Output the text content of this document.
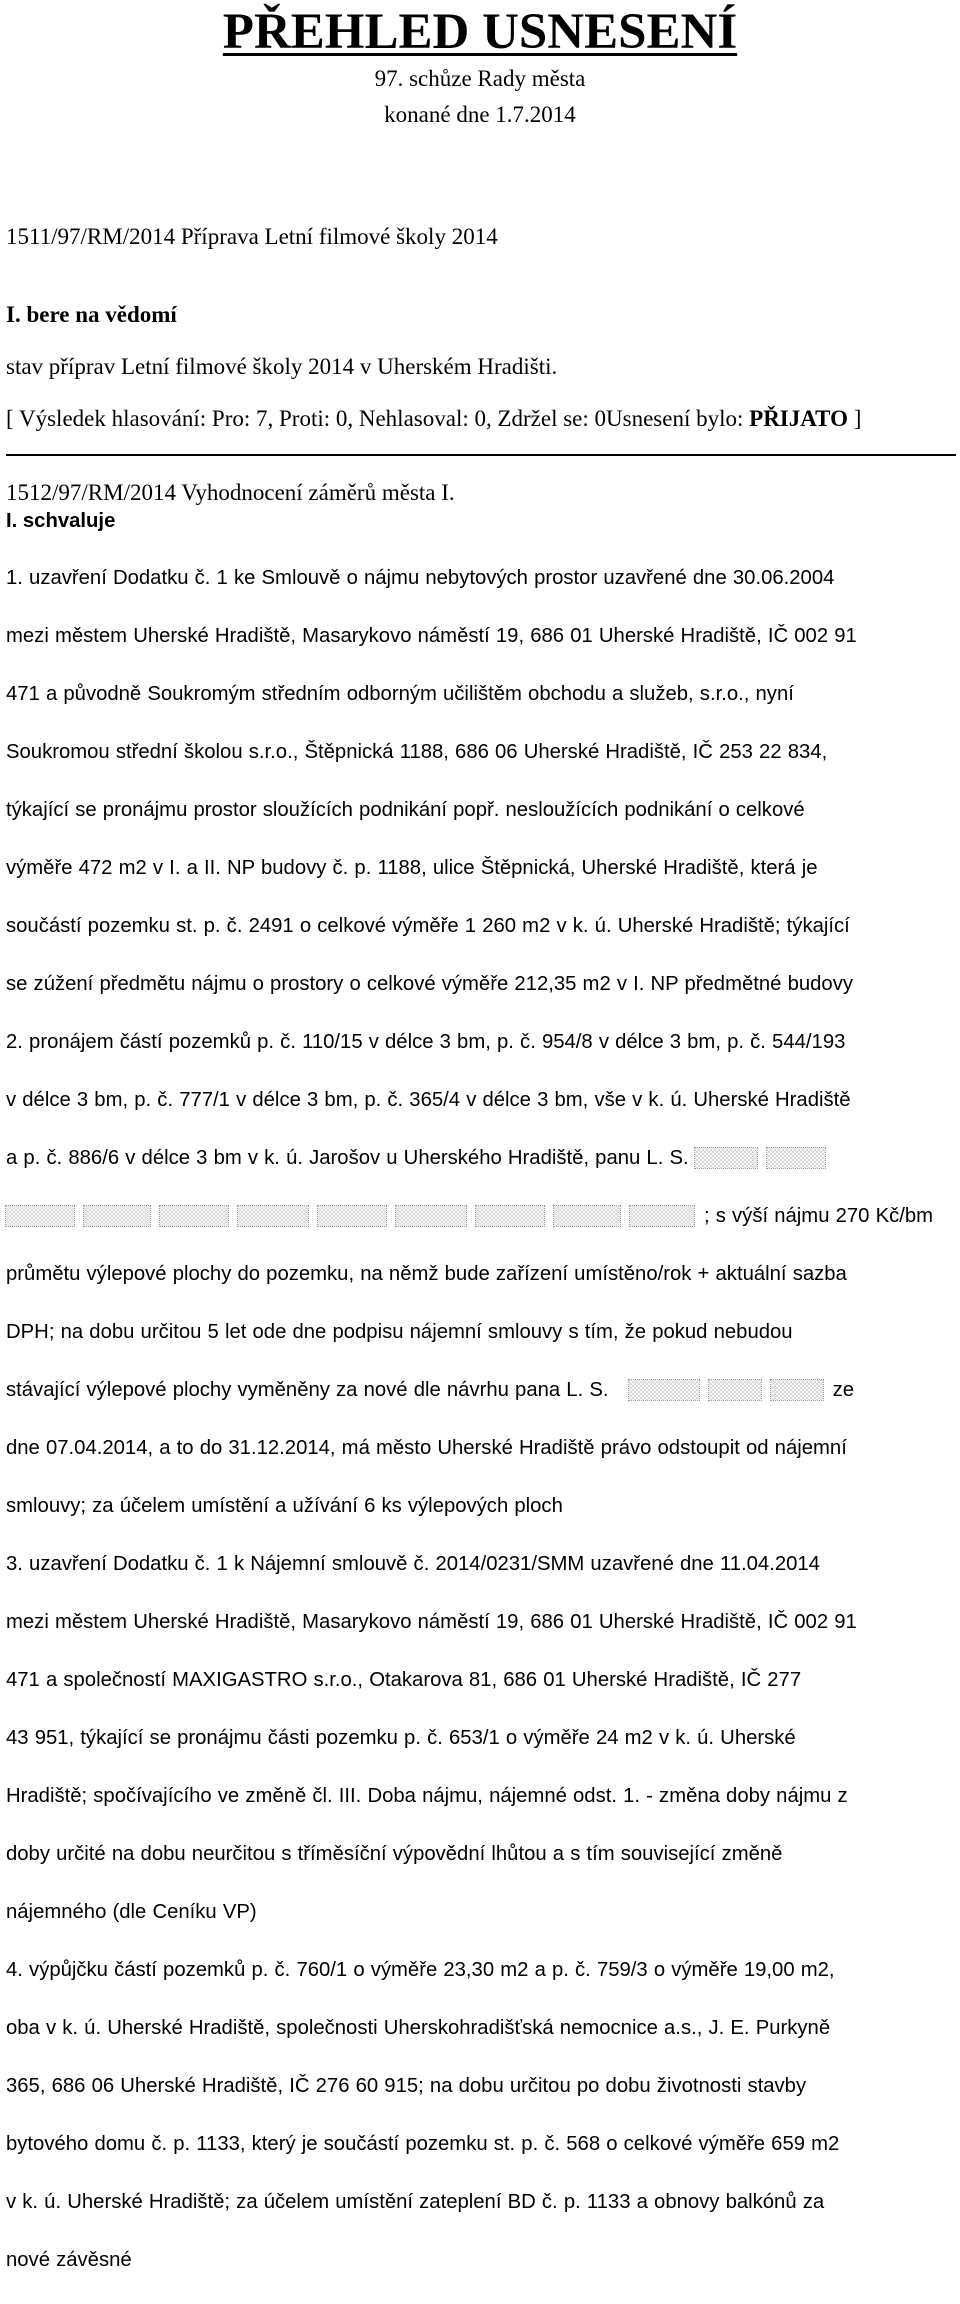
PŘEHLED USNESENÍ
97. schůze Rady města
konané dne 1.7.2014
1511/97/RM/2014 Příprava Letní filmové školy 2014
I. bere na vědomí
stav příprav Letní filmové školy 2014 v Uherském Hradišti.
[ Výsledek hlasování: Pro: 7, Proti: 0, Nehlasoval: 0, Zdržel se: 0Usnesení bylo: PŘIJATO ]
1512/97/RM/2014 Vyhodnocení záměrů města I.
I. schvaluje

1. uzavření Dodatku č. 1 ke Smlouvě o nájmu nebytových prostor uzavřené dne 30.06.2004

mezi městem Uherské Hradiště, Masarykovo náměstí 19, 686 01 Uherské Hradiště, IČ 002 91

471 a původně Soukromým středním odborným učilištěm obchodu a služeb, s.r.o., nyní

Soukromou střední školou s.r.o., Štěpnická 1188, 686 06 Uherské Hradiště, IČ 253 22 834,

týkající se pronájmu prostor sloužících podnikání popř. nesloužících podnikání o celkové

výměře 472 m2 v I. a II. NP budovy č. p. 1188, ulice Štěpnická, Uherské Hradiště, která je

součástí pozemku st. p. č. 2491 o celkové výměře 1 260 m2 v k. ú. Uherské Hradiště; týkající

se zúžení předmětu nájmu o prostory o celkové výměře 212,35 m2 v I. NP předmětné budovy

2. pronájem částí pozemků p. č. 110/15 v délce 3 bm, p. č. 954/8 v délce 3 bm, p. č. 544/193

v délce 3 bm, p. č. 777/1 v délce 3 bm, p. č. 365/4 v délce 3 bm, vše v k. ú. Uherské Hradiště

a p. č. 886/6 v délce 3 bm v k. ú. Jarošov u Uherského Hradiště, panu L. S.

; s výší nájmu 270 Kč/bm

průmětu výlepové plochy do pozemku, na němž bude zařízení umístěno/rok + aktuální sazba

DPH; na dobu určitou 5 let ode dne podpisu nájemní smlouvy s tím, že pokud nebudou

stávající výlepové plochy vyměněny za nové dle návrhu pana L. S.	ze

dne 07.04.2014, a to do 31.12.2014, má město Uherské Hradiště právo odstoupit od nájemní

smlouvy; za účelem umístění a užívání 6 ks výlepových ploch

3. uzavření Dodatku č. 1 k Nájemní smlouvě č. 2014/0231/SMM uzavřené dne 11.04.2014

mezi městem Uherské Hradiště, Masarykovo náměstí 19, 686 01 Uherské Hradiště, IČ 002 91

471 a společností MAXIGASTRO s.r.o., Otakarova 81, 686 01 Uherské Hradiště, IČ 277

43 951, týkající se pronájmu části pozemku p. č. 653/1 o výměře 24 m2 v k. ú. Uherské

Hradiště; spočívajícího ve změně čl. III. Doba nájmu, nájemné odst. 1. - změna doby nájmu z

doby určité na dobu neurčitou s tříměsíční výpovědní lhůtou a s tím související změně

nájemného (dle Ceníku VP)

4. výpůjčku částí pozemků p. č. 760/1 o výměře 23,30 m2 a p. č. 759/3 o výměře 19,00 m2,

oba v k. ú. Uherské Hradiště, společnosti Uherskohradišťská nemocnice a.s., J. E. Purkyně

365, 686 06 Uherské Hradiště, IČ 276 60 915; na dobu určitou po dobu životnosti stavby

bytového domu č. p. 1133, který je součástí pozemku st. p. č. 568 o celkové výměře 659 m2

v k. ú. Uherské Hradiště; za účelem umístění zateplení BD č. p. 1133 a obnovy balkónů za

nové závěsné
